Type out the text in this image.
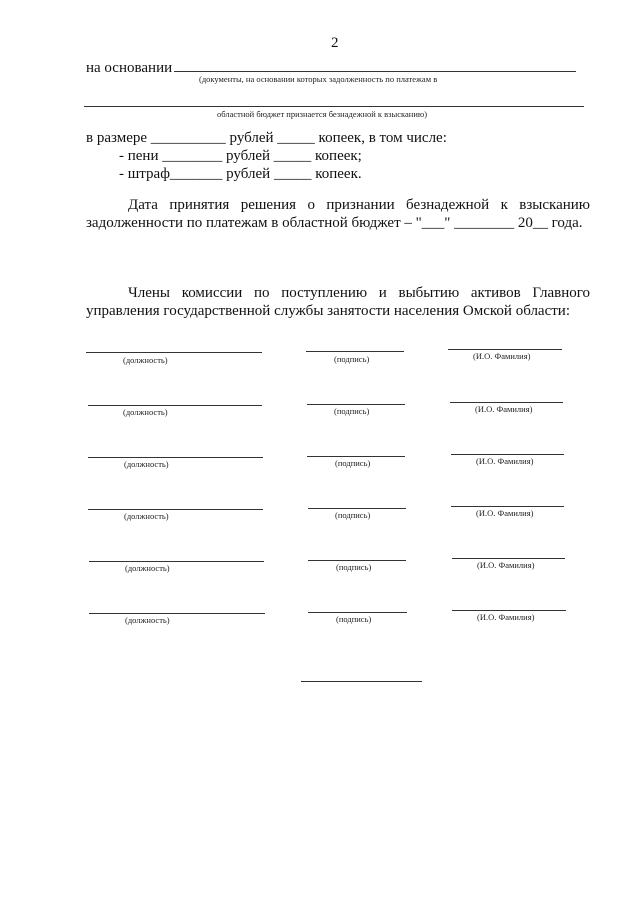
2
на основании
(документы, на основании которых задолженность по платежам в
областной бюджет признается безнадежной к взысканию)
в размере __________ рублей _____ копеек, в том числе:
- пени ________ рублей _____ копеек;
- штраф_______ рублей _____ копеек.
Дата принятия решения о признании безнадежной к взысканию
задолженности по платежам в областной бюджет – "___" ________ 20__ года.
Члены комиссии по поступлению и выбытию активов Главного
управления государственной службы занятости населения Омской области:
(должность)	(подпись)	(И.О. Фамилия)
(должность)	(подпись)	(И.О. Фамилия)
(должность)	(подпись)	(И.О. Фамилия)
(должность)	(подпись)	(И.О. Фамилия)
(должность)	(подпись)	(И.О. Фамилия)
(должность)	(подпись)	(И.О. Фамилия)
